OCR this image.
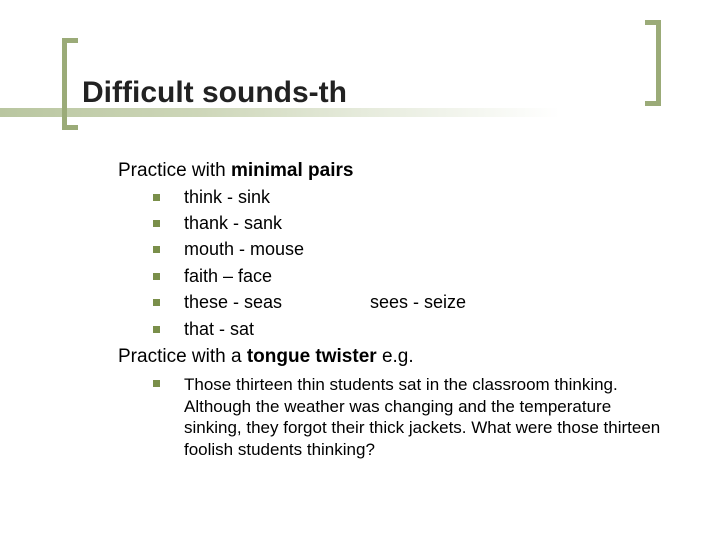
Difficult sounds-th
Practice with minimal pairs
think - sink
thank - sank
mouth - mouse
faith – face
these - seas	sees - seize
that - sat
Practice with a tongue twister e.g.
Those thirteen thin students sat in the classroom thinking. Although the weather was changing and the temperature sinking, they forgot their thick jackets. What were those thirteen foolish students thinking?
